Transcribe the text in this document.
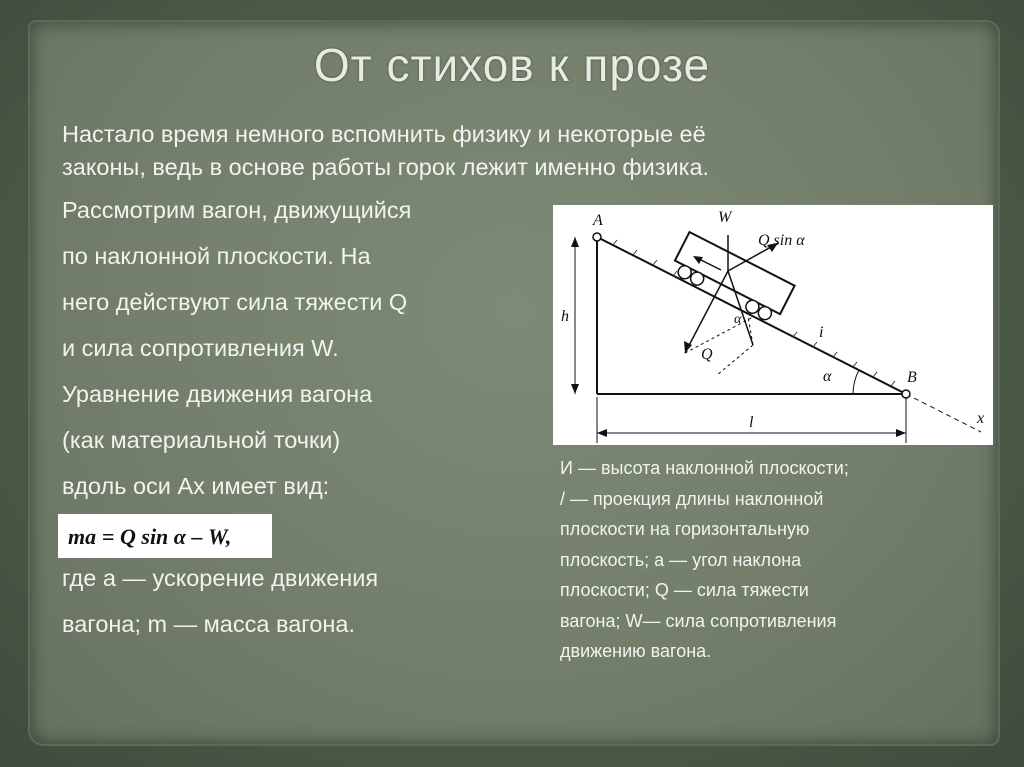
От стихов к прозе
Настало время немного вспомнить физику и некоторые её
законы, ведь в основе работы горок лежит именно физика.
Рассмотрим вагон, движущийся
по наклонной плоскости. На
него действуют сила тяжести Q
и сила сопротивления W.
Уравнение движения вагона
(как материальной точки)
вдоль оси Ax имеет вид:
где a — ускорение движения
вагона; m — масса вагона.
ma = Q sin α – W,
A
B
W
Q sin α
Q
h
l
i
x
α
α
И — высота наклонной плоскости;
/ — проекция длины наклонной
плоскости на горизонтальную
плоскость; а — угол наклона
плоскости; Q — сила тяжести
вагона; W— сила сопротивления
движению вагона.
